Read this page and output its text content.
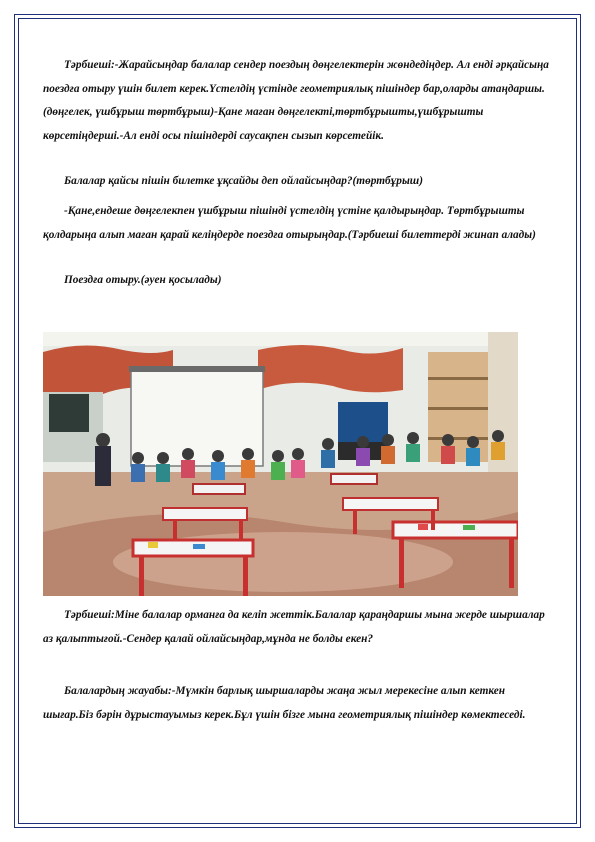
Тәрбиеші:-Жарайсыңдар балалар сендер поездың дөңгелектерін жөндедіңдер. Ал енді әрқайсыңа поездға отыру үшін билет керек.Үстелдің үстінде геометриялық пішіндер бар,оларды атаңдаршы. (дөңгелек, үшбұрыш төртбұрыш)-Қане маған дөңгелекті,төртбұрышты,үшбұрышты көрсетіңдерші.-Ал енді осы пішіндерді саусақпен сызып көрсетейік.

Балалар қайсы пішін билетке ұқсайды деп ойлайсыңдар?(төртбұрыш)

-Қане,ендеше дөңгелекпен үшбұрыш пішінді үстелдің үстіне қалдырыңдар. Төртбұрышты қолдарыңа алып маған қарай келіңдерде поездға отырыңдар.(Тәрбиеші билеттерді жинап алады)

Поездға отыру.(әуен қосылады)

Тәрбиеші:Міне балалар орманға да келіп жеттік.Балалар қараңдаршы мына жерде шыршалар аз қалыптығой.-Сендер қалай ойлайсыңдар,мұнда не болды екен?

Балалардың жауабы:-Мүмкін барлық шыршаларды жаңа жыл мерекесіне алып кеткен шығар.Біз бәрін дұрыстауымыз керек.Бұл үшін бізге мына геометриялық пішіндер көмектеседі.
